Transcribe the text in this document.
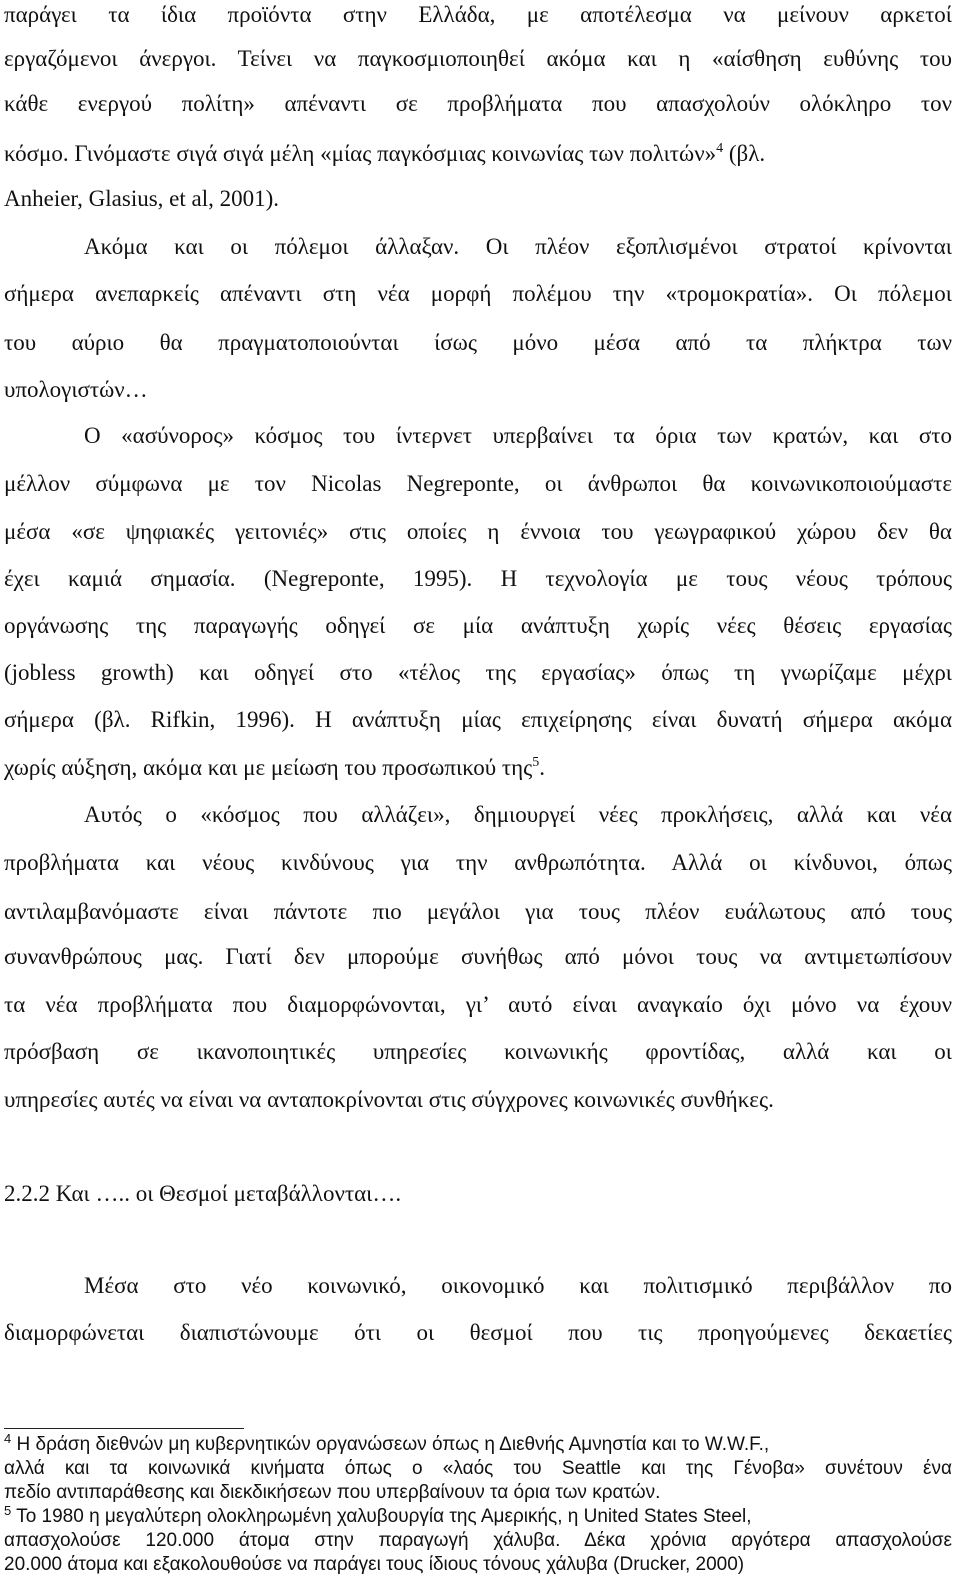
παράγει τα ίδια προϊόντα στην Ελλάδα, με αποτέλεσμα να μείνουν αρκετοί
εργαζόμενοι άνεργοι. Τείνει να παγκοσμιοποιηθεί ακόμα και η «αίσθηση ευθύνης του
κάθε ενεργού πολίτη» απέναντι σε προβλήματα που απασχολούν ολόκληρο τον
κόσμο. Γινόμαστε σιγά σιγά μέλη «μίας παγκόσμιας κοινωνίας των πολιτών»$^4$ (βλ.
Anheier, Glasius, et al, 2001).
Ακόμα και οι πόλεμοι άλλαξαν. Οι πλέον εξοπλισμένοι στρατοί κρίνονται
σήμερα ανεπαρκείς απέναντι στη νέα μορφή πολέμου την «τρομοκρατία». Οι πόλεμοι
του αύριο θα πραγματοποιούνται ίσως μόνο μέσα από τα πλήκτρα των
υπολογιστών…
Ο «ασύνορος» κόσμος του ίντερνετ υπερβαίνει τα όρια των κρατών, και στο
μέλλον σύμφωνα με τον Nicolas Negreponte, οι άνθρωποι θα κοινωνικοποιούμαστε
μέσα «σε ψηφιακές γειτονιές» στις οποίες η έννοια του γεωγραφικού χώρου δεν θα
έχει καμιά σημασία. (Negreponte, 1995). Η τεχνολογία με τους νέους τρόπους
οργάνωσης της παραγωγής οδηγεί σε μία ανάπτυξη χωρίς νέες θέσεις εργασίας
(jobless growth) και οδηγεί στο «τέλος της εργασίας» όπως τη γνωρίζαμε μέχρι
σήμερα (βλ. Rifkin, 1996). Η ανάπτυξη μίας επιχείρησης είναι δυνατή σήμερα ακόμα
χωρίς αύξηση, ακόμα και με μείωση του προσωπικού της$^5$.
Αυτός ο «κόσμος που αλλάζει», δημιουργεί νέες προκλήσεις, αλλά και νέα
προβλήματα και νέους κινδύνους για την ανθρωπότητα. Αλλά οι κίνδυνοι, όπως
αντιλαμβανόμαστε είναι πάντοτε πιο μεγάλοι για τους πλέον ευάλωτους από τους
συνανθρώπους μας. Γιατί δεν μπορούμε συνήθως από μόνοι τους να αντιμετωπίσουν
τα νέα προβλήματα που διαμορφώνονται, γι’ αυτό είναι αναγκαίο όχι μόνο να έχουν
πρόσβαση σε ικανοποιητικές υπηρεσίες κοινωνικής φροντίδας, αλλά και οι
υπηρεσίες αυτές να είναι να ανταποκρίνονται στις σύγχρονες κοινωνικές συνθήκες.
2.2.2 Και ….. οι Θεσμοί μεταβάλλονται….
Μέσα στο νέο κοινωνικό, οικονομικό και πολιτισμικό περιβάλλον πο
διαμορφώνεται διαπιστώνουμε ότι οι θεσμοί που τις προηγούμενες δεκαετίες
$^4$ Η δράση διεθνών μη κυβερνητικών οργανώσεων όπως η Διεθνής Αμνηστία και το W.W.F.,
αλλά και τα κοινωνικά κινήματα όπως ο «λαός του Seattle και της Γένοβα» συνέτουν ένα
πεδίο αντιπαράθεσης και διεκδικήσεων που υπερβαίνουν τα όρια των κρατών.
$^5$ Το 1980 η μεγαλύτερη ολοκληρωμένη χαλυβουργία της Αμερικής, η United States Steel,
απασχολούσε 120.000 άτομα στην παραγωγή χάλυβα. Δέκα χρόνια αργότερα απασχολούσε
20.000 άτομα και εξακολουθούσε να παράγει τους ίδιους τόνους χάλυβα (Drucker, 2000)
